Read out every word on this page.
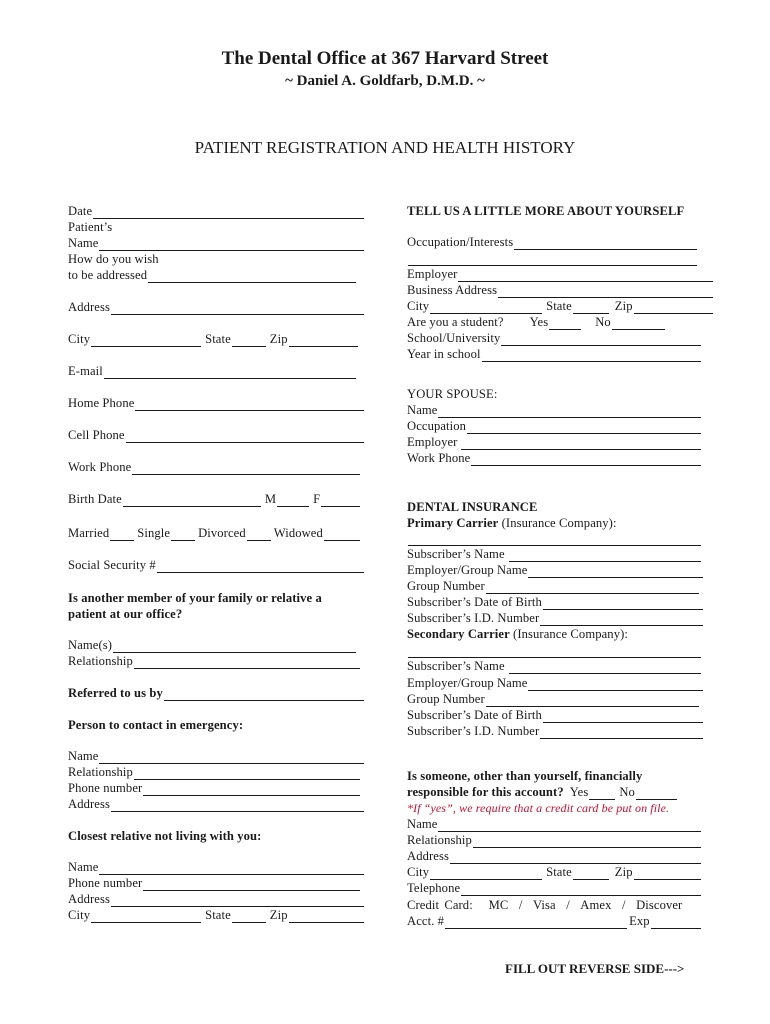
The Dental Office at 367 Harvard Street
~ Daniel A. Goldfarb, D.M.D. ~
PATIENT REGISTRATION AND HEALTH HISTORY
Date
Patient’s
Name
How do you wish
to be addressed
Address
City	State	Zip
E-mail
Home Phone
Cell Phone
Work Phone
Birth Date	M	F
Married Single Divorced Widowed
Social Security #
Is another member of your family or relative a
patient at our office?
Name(s)
Relationship
Referred to us by
Person to contact in emergency:
Name
Relationship
Phone number
Address
Closest relative not living with you:
Name
Phone number
Address
City	State	Zip
TELL US A LITTLE MORE ABOUT YOURSELF
Occupation/Interests
Employer
Business Address
City	State	Zip
Are you a student? Yes	No
School/University
Year in school
YOUR SPOUSE:
Name
Occupation
Employer
Work Phone
DENTAL INSURANCE
Primary Carrier (Insurance Company):
Subscriber’s Name
Employer/Group Name
Group Number
Subscriber’s Date of Birth
Subscriber’s I.D. Number
Secondary Carrier (Insurance Company):
Subscriber’s Name
Employer/Group Name
Group Number
Subscriber’s Date of Birth
Subscriber’s I.D. Number
Is someone, other than yourself, financially
responsible for this account? Yes No
*If “yes”, we require that a credit card be put on file.
Name
Relationship
Address
City	State	Zip
Telephone
Credit Card: MC  /  Visa  /  Amex  /  Discover
Acct. #	Exp
FILL OUT REVERSE SIDE--->
